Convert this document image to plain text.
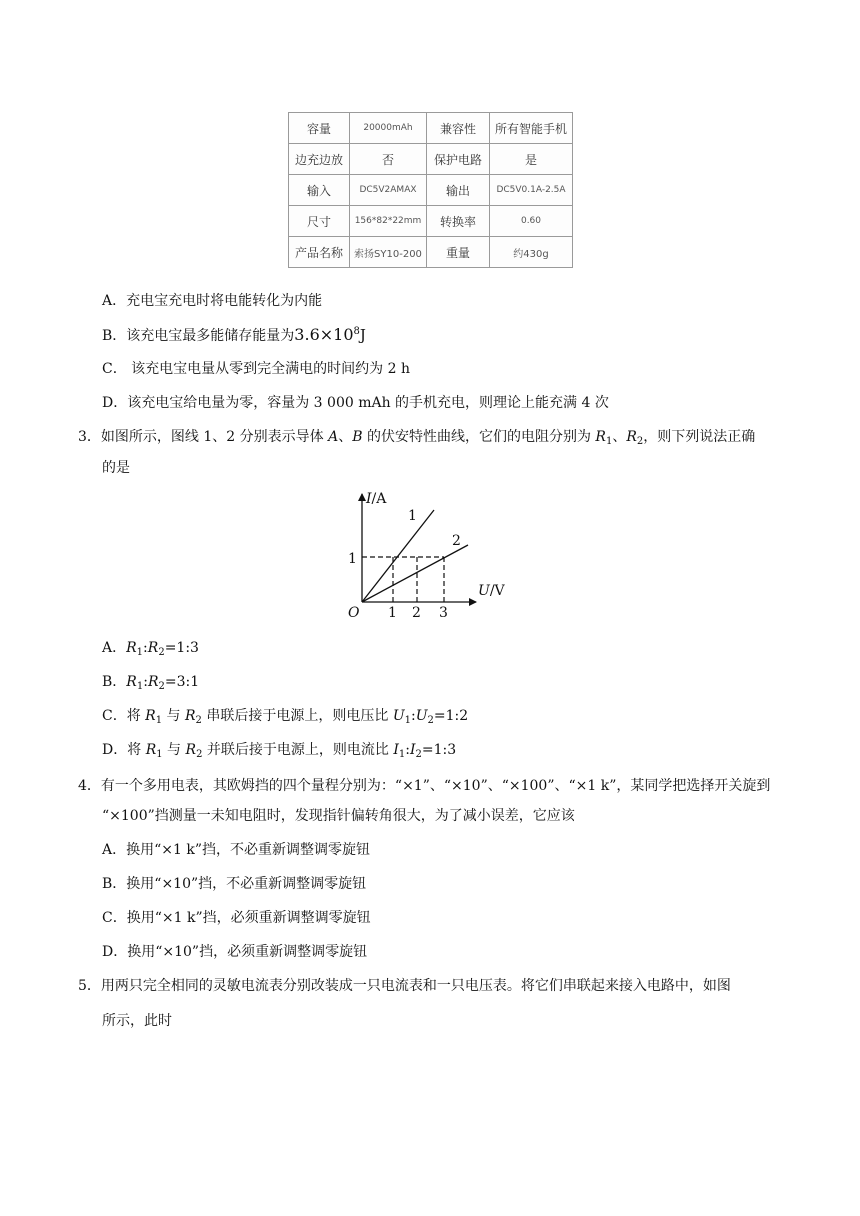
容量	20000mAh	兼容性	所有智能手机
边充边放	否	保护电路	是
输入	DC5V2AMAX	输出	DC5V0.1A-2.5A
尺寸	156*82*22mm	转换率	0.60
产品名称	索扬SY10-200	重量	约430g
A．充电宝充电时将电能转化为内能
B．该充电宝最多能储存能量为$3.6\times 10^8J$
C． 该充电宝电量从零到完全满电的时间约为 2 h
D．该充电宝给电量为零，容量为 3 000 mAh 的手机充电，则理论上能充满 4 次
3．如图所示，图线 1、2 分别表示导体 A、B 的伏安特性曲线，它们的电阻分别为 $R_1$、$R_2$，则下列说法正确
的是
I/A
U/V
O
1
2
1
1 2 3
A．$R_1:R_2=1:3$
B．$R_1:R_2=3:1$
C．将 $R_1$ 与 $R_2$ 串联后接于电源上，则电压比 $U_1:U_2=1:2$
D．将 $R_1$ 与 $R_2$ 并联后接于电源上，则电流比 $I_1:I_2=1:3$
4．有一个多用电表，其欧姆挡的四个量程分别为：“×1”、“×10”、“×100”、“×1 k”，某同学把选择开关旋到
“×100”挡测量一未知电阻时，发现指针偏转角很大，为了减小误差，它应该
A．换用“×1 k”挡，不必重新调整调零旋钮
B．换用“×10”挡，不必重新调整调零旋钮
C．换用“×1 k”挡，必须重新调整调零旋钮
D．换用“×10”挡，必须重新调整调零旋钮
5．用两只完全相同的灵敏电流表分别改装成一只电流表和一只电压表。将它们串联起来接入电路中，如图
所示，此时
